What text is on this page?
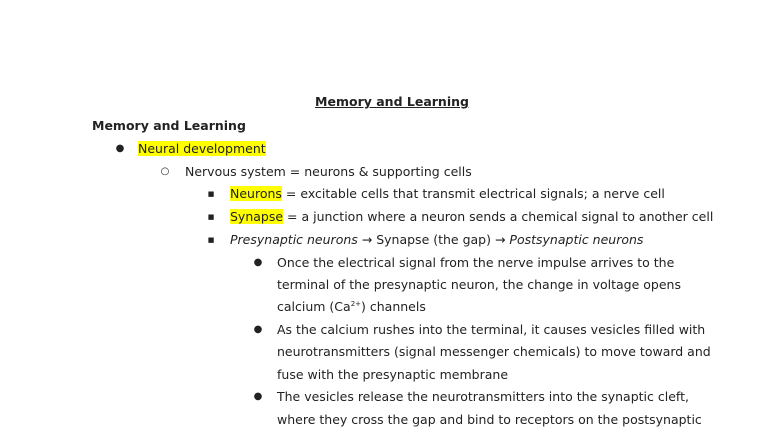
Memory and Learning
Memory and Learning
● Neural development
○ Nervous system = neurons & supporting cells
■ Neurons = excitable cells that transmit electrical signals; a nerve cell
■ Synapse = a junction where a neuron sends a chemical signal to another cell
■ Presynaptic neurons → Synapse (the gap) → Postsynaptic neurons
● Once the electrical signal from the nerve impulse arrives to the
terminal of the presynaptic neuron, the change in voltage opens
calcium $(Ca^{2+})$ channels
● As the calcium rushes into the terminal, it causes vesicles filled with
neurotransmitters (signal messenger chemicals) to move toward and
fuse with the presynaptic membrane
● The vesicles release the neurotransmitters into the synaptic cleft,
where they cross the gap and bind to receptors on the postsynaptic
